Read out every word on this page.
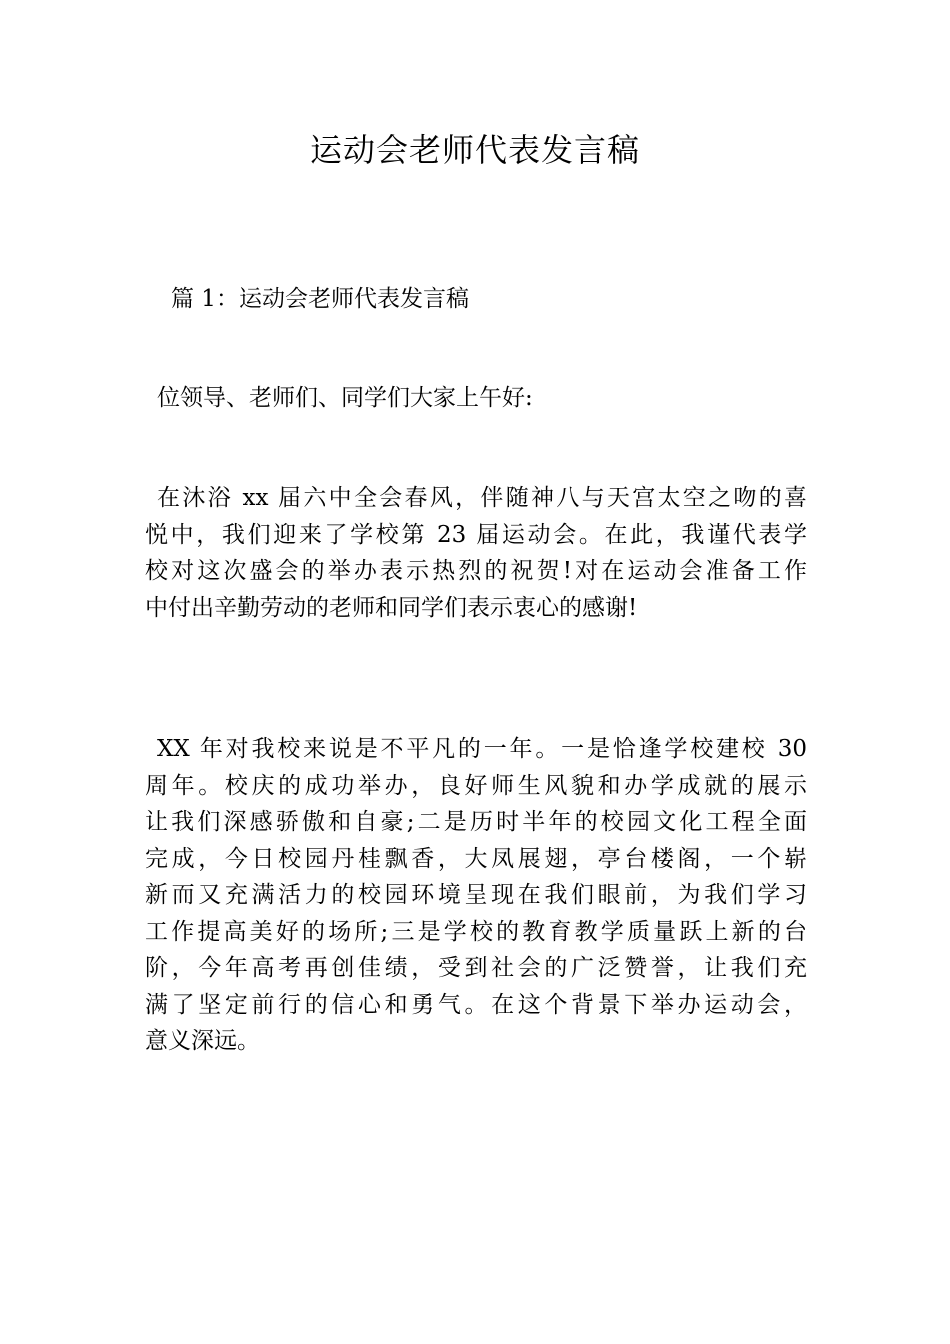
运动会老师代表发言稿

篇 1：运动会老师代表发言稿

位领导、老师们、同学们大家上午好:

在沐浴 xx 届六中全会春风，伴随神八与天宫太空之吻的喜
悦中，我们迎来了学校第 23 届运动会。在此，我谨代表学
校对这次盛会的举办表示热烈的祝贺!对在运动会准备工作
中付出辛勤劳动的老师和同学们表示衷心的感谢!
XX 年对我校来说是不平凡的一年。一是恰逢学校建校 30
周年。校庆的成功举办，良好师生风貌和办学成就的展示
让我们深感骄傲和自豪;二是历时半年的校园文化工程全面
完成，今日校园丹桂飘香，大凤展翅，亭台楼阁，一个崭
新而又充满活力的校园环境呈现在我们眼前，为我们学习
工作提高美好的场所;三是学校的教育教学质量跃上新的台
阶，今年高考再创佳绩，受到社会的广泛赞誉，让我们充
满了坚定前行的信心和勇气。在这个背景下举办运动会，
意义深远。
